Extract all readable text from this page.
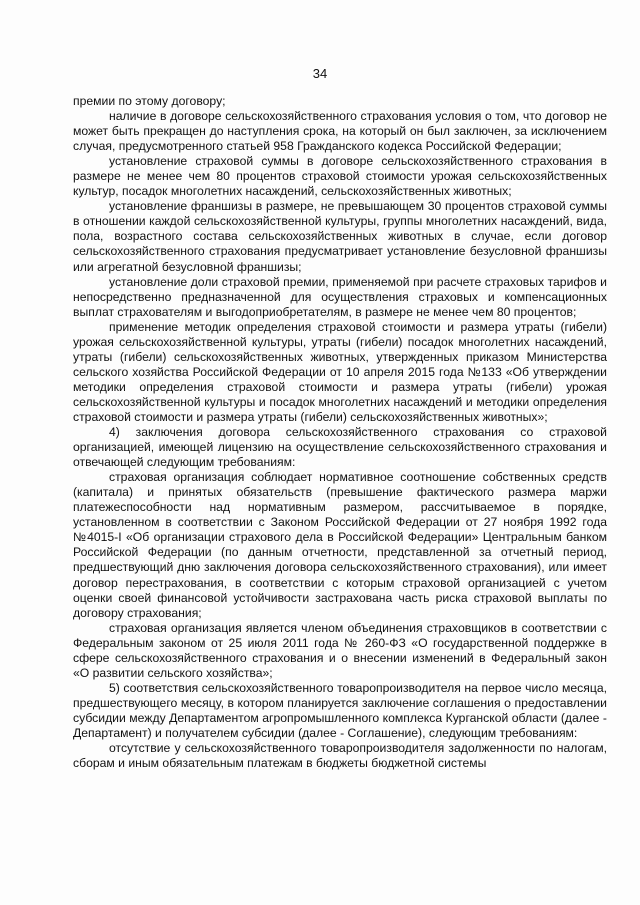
34

премии по этому договору;

наличие в договоре сельскохозяйственного страхования условия о том, что договор не может быть прекращен до наступления срока, на который он был заключен, за исключением случая, предусмотренного статьей 958 Гражданского кодекса Российской Федерации;

установление страховой суммы в договоре сельскохозяйственного страхования в размере не менее чем 80 процентов страховой стоимости урожая сельскохозяйственных культур, посадок многолетних насаждений, сельскохозяйственных животных;

установление франшизы в размере, не превышающем 30 процентов страховой суммы в отношении каждой сельскохозяйственной культуры, группы многолетних насаждений, вида, пола, возрастного состава сельскохозяйственных животных в случае, если договор сельскохозяйственного страхования предусматривает установление безусловной франшизы или агрегатной безусловной франшизы;

установление доли страховой премии, применяемой при расчете страховых тарифов и непосредственно предназначенной для осуществления страховых и компенсационных выплат страхователям и выгодоприобретателям, в размере не менее чем 80 процентов;

применение методик определения страховой стоимости и размера утраты (гибели) урожая сельскохозяйственной культуры, утраты (гибели) посадок многолетних насаждений, утраты (гибели) сельскохозяйственных животных, утвержденных приказом Министерства сельского хозяйства Российской Федерации от 10 апреля 2015 года №133 «Об утверждении методики определения страховой стоимости и размера утраты (гибели) урожая сельскохозяйственной культуры и посадок многолетних насаждений и методики определения страховой стоимости и размера утраты (гибели) сельскохозяйственных животных»;

4) заключения договора сельскохозяйственного страхования со страховой организацией, имеющей лицензию на осуществление сельскохозяйственного страхования и отвечающей следующим требованиям:

страховая организация соблюдает нормативное соотношение собственных средств (капитала) и принятых обязательств (превышение фактического размера маржи платежеспособности над нормативным размером, рассчитываемое в порядке, установленном в соответствии с Законом Российской Федерации от 27 ноября 1992 года №4015-I «Об организации страхового дела в Российской Федерации» Центральным банком Российской Федерации (по данным отчетности, представленной за отчетный период, предшествующий дню заключения договора сельскохозяйственного страхования), или имеет договор перестрахования, в соответствии с которым страховой организацией с учетом оценки своей финансовой устойчивости застрахована часть риска страховой выплаты по договору страхования;

страховая организация является членом объединения страховщиков в соответствии с Федеральным законом от 25 июля 2011 года № 260-ФЗ «О государственной поддержке в сфере сельскохозяйственного страхования и о внесении изменений в Федеральный закон «О развитии сельского хозяйства»;

5) соответствия сельскохозяйственного товаропроизводителя на первое число месяца, предшествующего месяцу, в котором планируется заключение соглашения о предоставлении субсидии между Департаментом агропромышленного комплекса Курганской области (далее - Департамент) и получателем субсидии (далее - Соглашение), следующим требованиям:

отсутствие у сельскохозяйственного товаропроизводителя задолженности по налогам, сборам и иным обязательным платежам в бюджеты бюджетной системы
